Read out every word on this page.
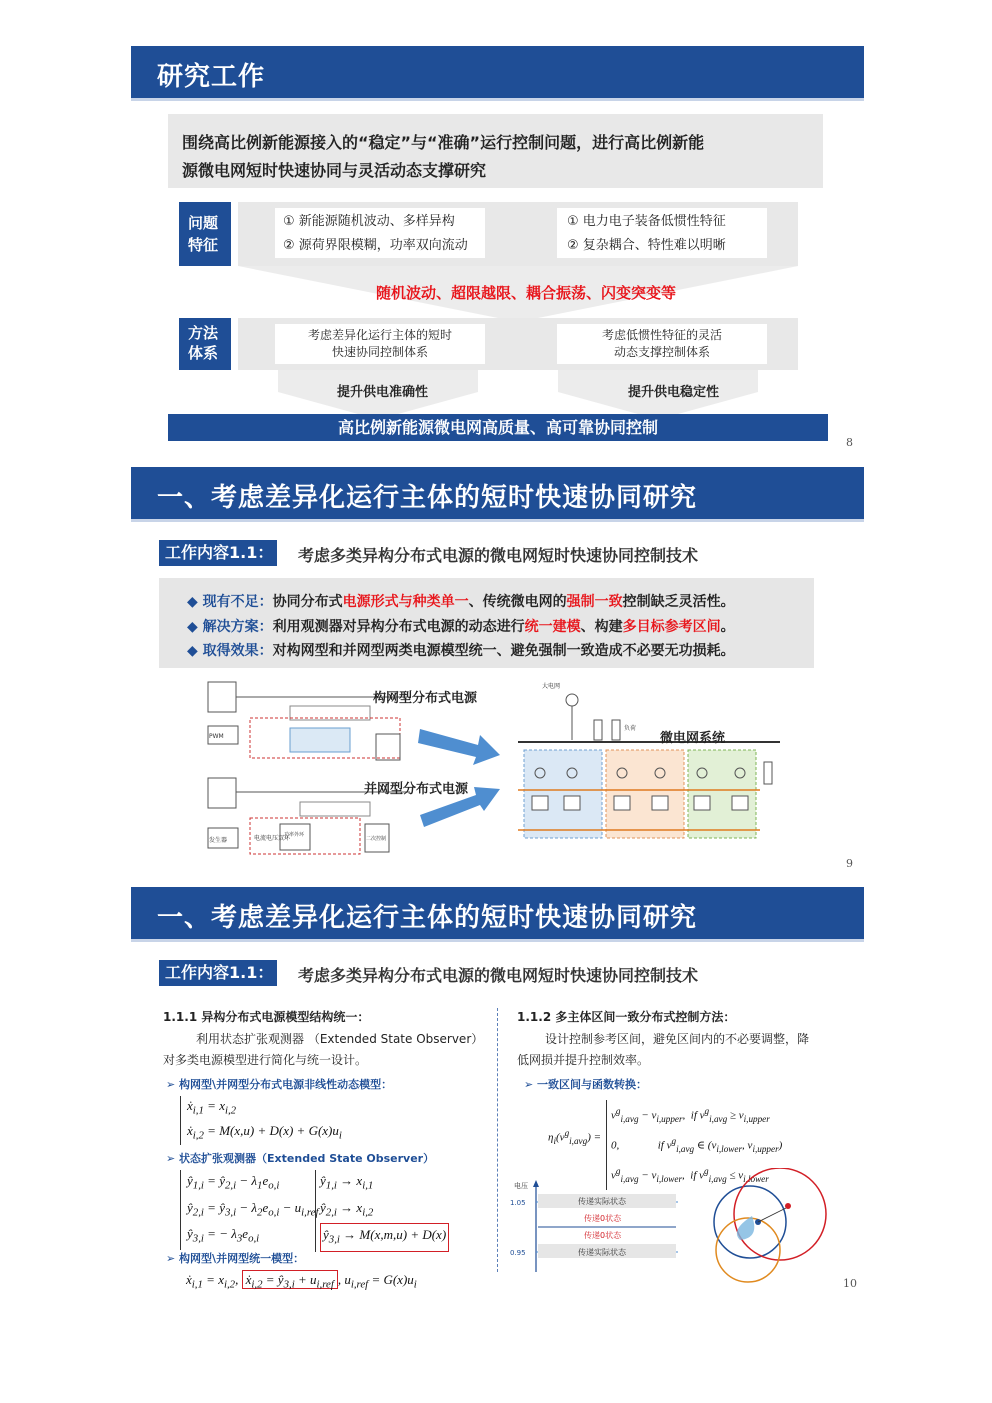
研究工作
围绕高比例新能源接入的“稳定”与“准确”运行控制问题，进行高比例新能
源微电网短时快速协同与灵活动态支撑研究
问题
特征
① 新能源随机波动、多样异构
② 源荷界限模糊，功率双向流动
① 电力电子装备低惯性特征
② 复杂耦合、特性难以明晰
随机波动、超限越限、耦合振荡、闪变突变等
方法
体系
考虑差异化运行主体的短时
快速协同控制体系
考虑低惯性特征的灵活
动态支撑控制体系
提升供电准确性	提升供电稳定性
高比例新能源微电网高质量、高可靠协同控制
8
一、考虑差异化运行主体的短时快速协同研究
工作内容1.1： 考虑多类异构分布式电源的微电网短时快速协同控制技术
◆ 现有不足：协同分布式电源形式与种类单一、传统微电网的强制一致控制缺乏灵活性。
◆ 解决方案：利用观测器对异构分布式电源的动态进行统一建模、构建多目标参考区间。
◆ 取得效果：对构网型和并网型两类电源模型统一、避免强制一致造成不必要无功损耗。
PWM
发生器	电流电压双环
功率外环
二次控制
构网型分布式电源
并网型分布式电源
大电网
负荷
微电网系统
9
一、考虑差异化运行主体的短时快速协同研究
工作内容1.1： 考虑多类异构分布式电源的微电网短时快速协同控制技术
1.1.1 异构分布式电源模型结构统一：
利用状态扩张观测器 （Extended State Observer）
对多类电源模型进行简化与统一设计。
➢ 构网型\并网型分布式电源非线性动态模型：
ẋ$_{i,1}$ = $x_{i,2}$
ẋ$_{i,2}$ = $M(x,u) + D(x) + G(x)u_i$
➢ 状态扩张观测器（Extended State Observer）
$ŷ_{1,i}$ = $ŷ_{2,i} - \lambda_1e_{o,i}$
$ŷ_{2,i}$ = $ŷ_{3,i} - \lambda_2e_{o,i} - u_{i,ref}$
$ŷ_{3,i}$ = − $\lambda_3e_{o,i}$
$ŷ_{1,i} \to x_{i,1}$
$ŷ_{2,i} \to x_{i,2}$
$ŷ_{3,i} \to M(x,m,u) + D(x)$
➢ 构网型\并网型统一模型：
ẋ$_{i,1}$ = $x_{i,2}$, ẋ$_{i,2}$ = $ŷ_{3,i} + u_{i,ref}$ , $u_{i,ref} = G(x)u_i$
1.1.2 多主体区间一致分布式控制方法：
设计控制参考区间，避免区间内的不必要调整，降
低网损并提升控制效率。
➢ 一致区间与函数转换：
$\eta_i(v^g_{i,avg})$ =
$v^g_{i,avg} - v_{i,upper}$,  if $v^g_{i,avg} \ge v_{i,upper}$
0,              if $v^g_{i,avg}$ ∈ ($v_{i,lower}$, $v_{i,upper}$)
$v^g_{i,avg} - v_{i,lower}$,  if $v^g_{i,avg} \le v_{i,lower}$
电压
1.05
0.95
传递实际状态
传递0状态
传递0状态
传递实际状态
10
